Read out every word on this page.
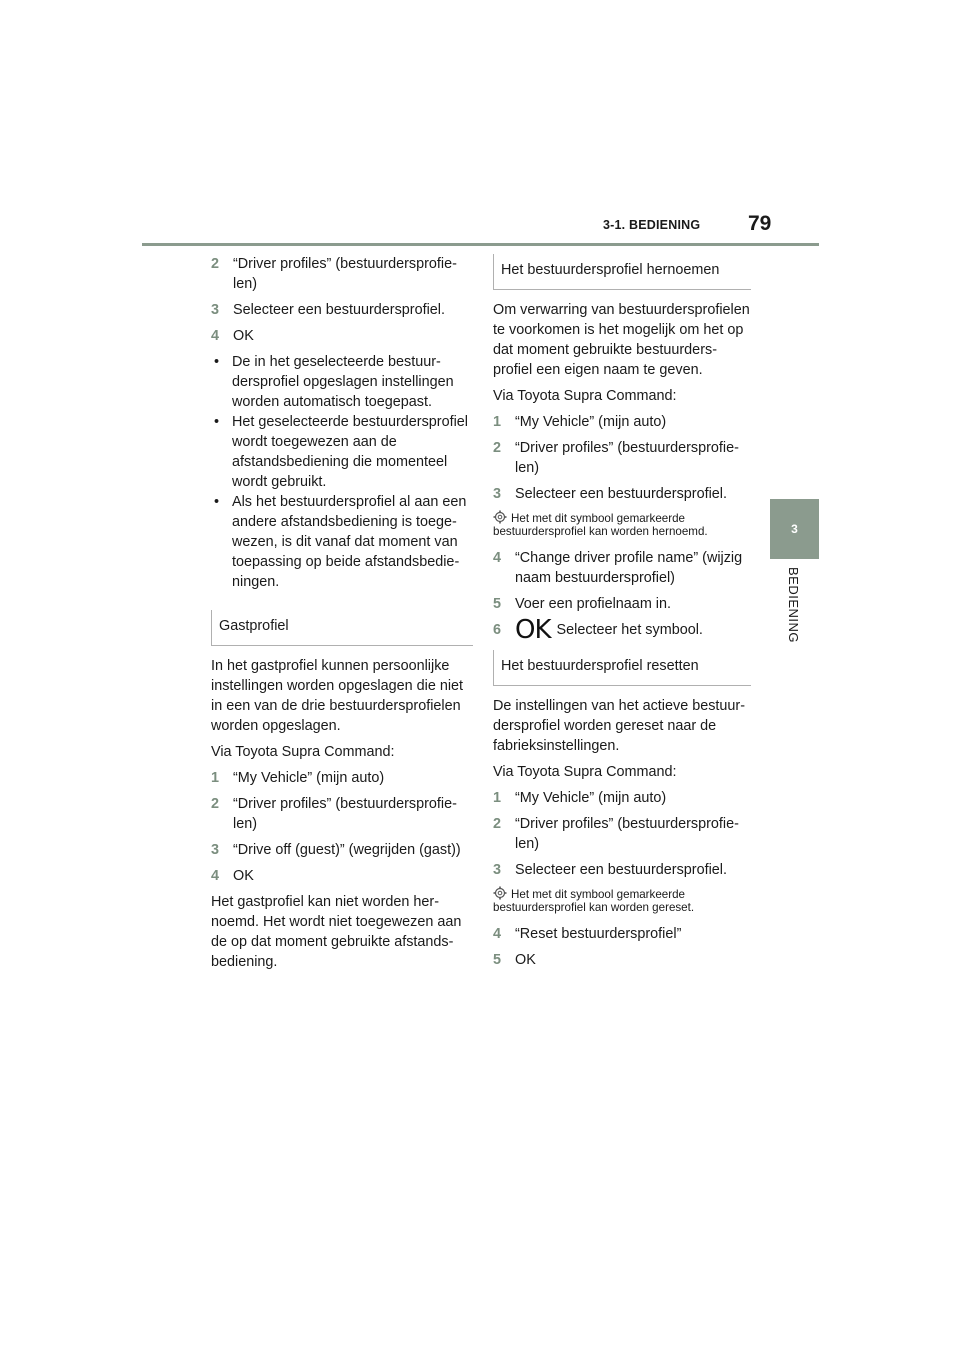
3-1. BEDIENING 79
3
BEDIENING
2 “Driver profiles” (bestuurdersprofielen)
3 Selecteer een bestuurdersprofiel.
4 OK
• De in het geselecteerde bestuurdersprofiel opgeslagen instellingen worden automatisch toegepast.
• Het geselecteerde bestuurdersprofiel wordt toegewezen aan de afstandsbediening die momenteel wordt gebruikt.
• Als het bestuurdersprofiel al aan een andere afstandsbediening is toegewezen, is dit vanaf dat moment van toepassing op beide afstandsbedieningen.
Gastprofiel

In het gastprofiel kunnen persoonlijke instellingen worden opgeslagen die niet in een van de drie bestuurdersprofielen worden opgeslagen.

Via Toyota Supra Command:

1 “My Vehicle” (mijn auto)
2 “Driver profiles” (bestuurdersprofielen)
3 “Drive off (guest)” (wegrijden (gast))
4 OK

Het gastprofiel kan niet worden hernoemd. Het wordt niet toegewezen aan de op dat moment gebruikte afstandsbediening.

Het bestuurdersprofiel hernoemen

Om verwarring van bestuurdersprofielen te voorkomen is het mogelijk om het op dat moment gebruikte bestuurdersprofiel een eigen naam te geven.

Via Toyota Supra Command:

1 “My Vehicle” (mijn auto)
2 “Driver profiles” (bestuurdersprofielen)
3 Selecteer een bestuurdersprofiel.
Het met dit symbool gemarkeerde bestuurdersprofiel kan worden hernoemd.
4 “Change driver profile name” (wijzig naam bestuurdersprofiel)
5 Voer een profielnaam in.
6 OK Selecteer het symbool.
Het bestuurdersprofiel resetten

De instellingen van het actieve bestuurdersprofiel worden gereset naar de fabrieksinstellingen.

Via Toyota Supra Command:

1 “My Vehicle” (mijn auto)
2 “Driver profiles” (bestuurdersprofielen)
3 Selecteer een bestuurdersprofiel.
Het met dit symbool gemarkeerde bestuurdersprofiel kan worden gereset.
4 “Reset bestuurdersprofiel”
5 OK
